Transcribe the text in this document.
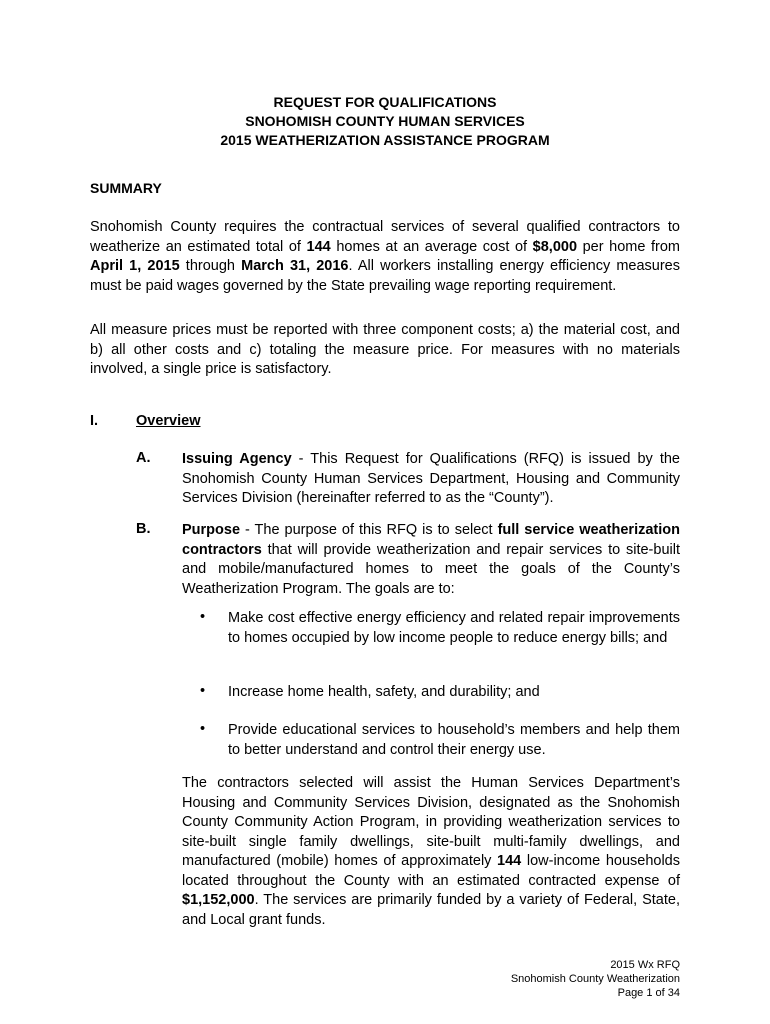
REQUEST FOR QUALIFICATIONS
SNOHOMISH COUNTY HUMAN SERVICES
2015 WEATHERIZATION ASSISTANCE PROGRAM
SUMMARY
Snohomish County requires the contractual services of several qualified contractors to weatherize an estimated total of 144 homes at an average cost of $8,000 per home from April 1, 2015 through March 31, 2016. All workers installing energy efficiency measures must be paid wages governed by the State prevailing wage reporting requirement.
All measure prices must be reported with three component costs; a) the material cost, and b) all other costs and c) totaling the measure price. For measures with no materials involved, a single price is satisfactory.
I.	Overview
A. Issuing Agency - This Request for Qualifications (RFQ) is issued by the Snohomish County Human Services Department, Housing and Community Services Division (hereinafter referred to as the “County”).
B. Purpose - The purpose of this RFQ is to select full service weatherization contractors that will provide weatherization and repair services to site-built and mobile/manufactured homes to meet the goals of the County’s Weatherization Program. The goals are to:
• Make cost effective energy efficiency and related repair improvements to homes occupied by low income people to reduce energy bills; and
• Increase home health, safety, and durability; and
• Provide educational services to household’s members and help them to better understand and control their energy use.
The contractors selected will assist the Human Services Department’s Housing and Community Services Division, designated as the Snohomish County Community Action Program, in providing weatherization services to site-built single family dwellings, site-built multi-family dwellings, and manufactured (mobile) homes of approximately 144 low-income households located throughout the County with an estimated contracted expense of $1,152,000. The services are primarily funded by a variety of Federal, State, and Local grant funds.
2015 Wx RFQ
Snohomish County Weatherization
Page 1 of 34
